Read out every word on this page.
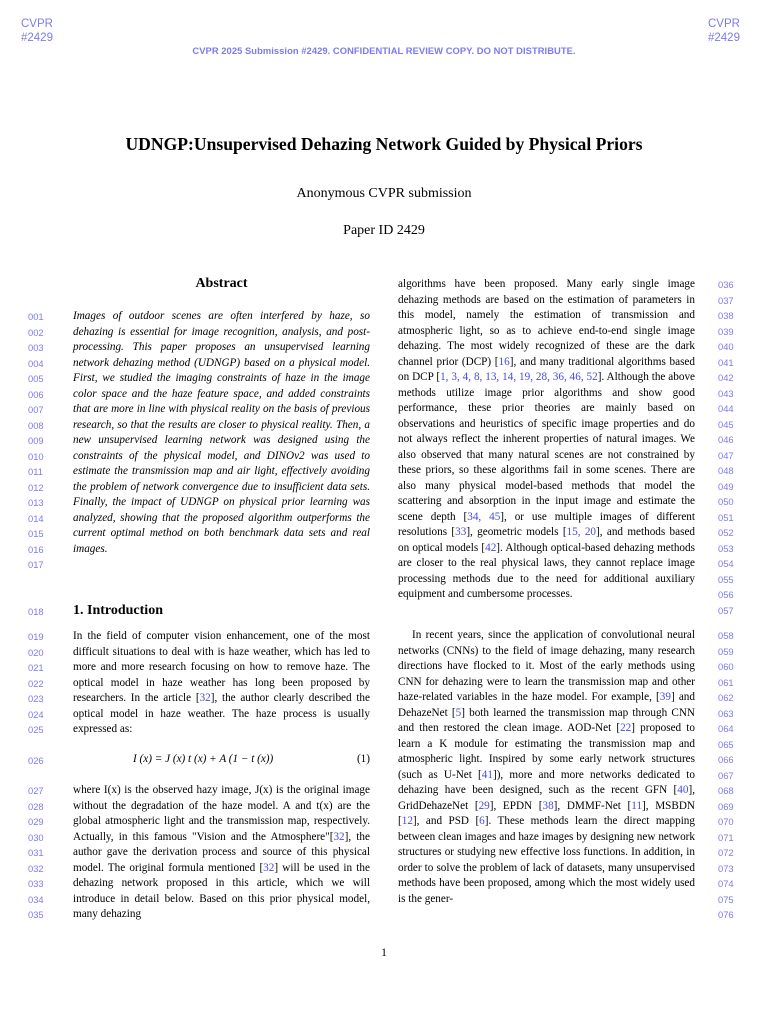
CVPR
#2429
CVPR
#2429
CVPR 2025 Submission #2429. CONFIDENTIAL REVIEW COPY. DO NOT DISTRIBUTE.
UDNGP:Unsupervised Dehazing Network Guided by Physical Priors
Anonymous CVPR submission
Paper ID 2429
Abstract

Images of outdoor scenes are often interfered by haze, so dehazing is essential for image recognition, analysis, and post-processing. This paper proposes an unsupervised learning network dehazing method (UDNGP) based on a physical model. First, we studied the imaging constraints of haze in the image color space and the haze feature space, and added constraints that are more in line with physical reality on the basis of previous research, so that the results are closer to physical reality. Then, a new unsupervised learning network was designed using the constraints of the physical model, and DINOv2 was used to estimate the transmission map and air light, effectively avoiding the problem of network convergence due to insufficient data sets. Finally, the impact of UDNGP on physical prior learning was analyzed, showing that the proposed algorithm outperforms the current optimal method on both benchmark data sets and real images.

1. Introduction

In the field of computer vision enhancement, one of the most difficult situations to deal with is haze weather, which has led to more and more research focusing on how to remove haze. The optical model in haze weather has long been proposed by researchers. In the article [32], the author clearly described the optical model in haze weather. The haze process is usually expressed as:

I (x) = J (x) t (x) + A (1 − t (x))	(1)

where I(x) is the observed hazy image, J(x) is the original image without the degradation of the haze model. A and t(x) are the global atmospheric light and the transmission map, respectively. Actually, in this famous "Vision and the Atmosphere"[32], the author gave the derivation process and source of this physical model. The original formula mentioned [32] will be used in the dehazing network proposed in this article, which we will introduce in detail below. Based on this prior physical model, many dehazing

algorithms have been proposed. Many early single image dehazing methods are based on the estimation of parameters in this model, namely the estimation of transmission and atmospheric light, so as to achieve end-to-end single image dehazing. The most widely recognized of these are the dark channel prior (DCP) [16], and many traditional algorithms based on DCP [1, 3, 4, 8, 13, 14, 19, 28, 36, 46, 52]. Although the above methods utilize image prior algorithms and show good performance, these prior theories are mainly based on observations and heuristics of specific image properties and do not always reflect the inherent properties of natural images. We also observed that many natural scenes are not constrained by these priors, so these algorithms fail in some scenes. There are also many physical model-based methods that model the scattering and absorption in the input image and estimate the scene depth [34, 45], or use multiple images of different resolutions [33], geometric models [15, 20], and methods based on optical models [42]. Although optical-based dehazing methods are closer to the real physical laws, they cannot replace image processing methods due to the need for additional auxiliary equipment and cumbersome processes.

In recent years, since the application of convolutional neural networks (CNNs) to the field of image dehazing, many research directions have flocked to it. Most of the early methods using CNN for dehazing were to learn the transmission map and other haze-related variables in the haze model. For example, [39] and DehazeNet [5] both learned the transmission map through CNN and then restored the clean image. AOD-Net [22] proposed to learn a K module for estimating the transmission map and atmospheric light. Inspired by some early network structures (such as U-Net [41]), more and more networks dedicated to dehazing have been designed, such as the recent GFN [40], GridDehazeNet [29], EPDN [38], DMMF-Net [11], MSBDN [12], and PSD [6]. These methods learn the direct mapping between clean images and haze images by designing new network structures or studying new effective loss functions. In addition, in order to solve the problem of lack of datasets, many unsupervised methods have been proposed, among which the most widely used is the gener-

001
002
003
004
005
006
007
008
009
010
011
012
013
014
015
016
017
018
019
020
021
022
023
024
025
026
027
028
029
030
031
032
033
034
035
036
037
038
039
040
041
042
043
044
045
046
047
048
049
050
051
052
053
054
055
056
057
058
059
060
061
062
063
064
065
066
067
068
069
070
071
072
073
074
075
076
1
